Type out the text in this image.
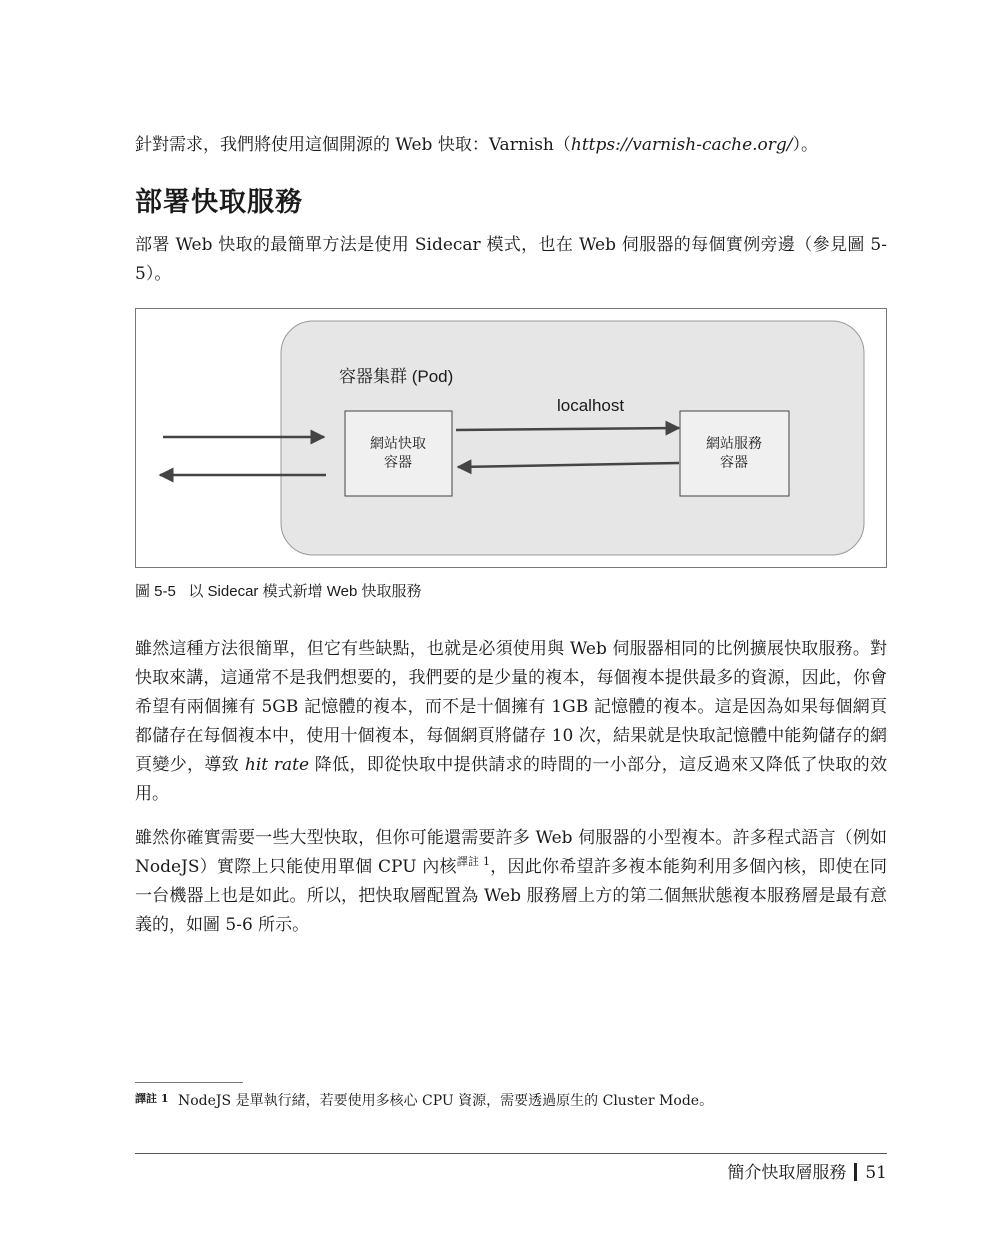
針對需求，我們將使用這個開源的 Web 快取：Varnish（https://varnish-cache.org/）。
部署快取服務
部署 Web 快取的最簡單方法是使用 Sidecar 模式，也在 Web 伺服器的每個實例旁邊（參見圖 5-5）。
容器集群 (Pod)
localhost
網站快取
容器
網站服務
容器
圖 5-5 以 Sidecar 模式新增 Web 快取服務
雖然這種方法很簡單，但它有些缺點，也就是必須使用與 Web 伺服器相同的比例擴展快取服務。對快取來講，這通常不是我們想要的，我們要的是少量的複本，每個複本提供最多的資源，因此，你會希望有兩個擁有 5GB 記憶體的複本，而不是十個擁有 1GB 記憶體的複本。這是因為如果每個網頁都儲存在每個複本中，使用十個複本，每個網頁將儲存 10 次，結果就是快取記憶體中能夠儲存的網頁變少，導致 hit rate 降低，即從快取中提供請求的時間的一小部分，這反過來又降低了快取的效用。
雖然你確實需要一些大型快取，但你可能還需要許多 Web 伺服器的小型複本。許多程式語言（例如 NodeJS）實際上只能使用單個 CPU 內核$^{譯註 1}$，因此你希望許多複本能夠利用多個內核，即使在同一台機器上也是如此。所以，把快取層配置為 Web 服務層上方的第二個無狀態複本服務層是最有意義的，如圖 5-6 所示。
譯註 1 NodeJS 是單執行緒，若要使用多核心 CPU 資源，需要透過原生的 Cluster Mode。
簡介快取層服務 51
